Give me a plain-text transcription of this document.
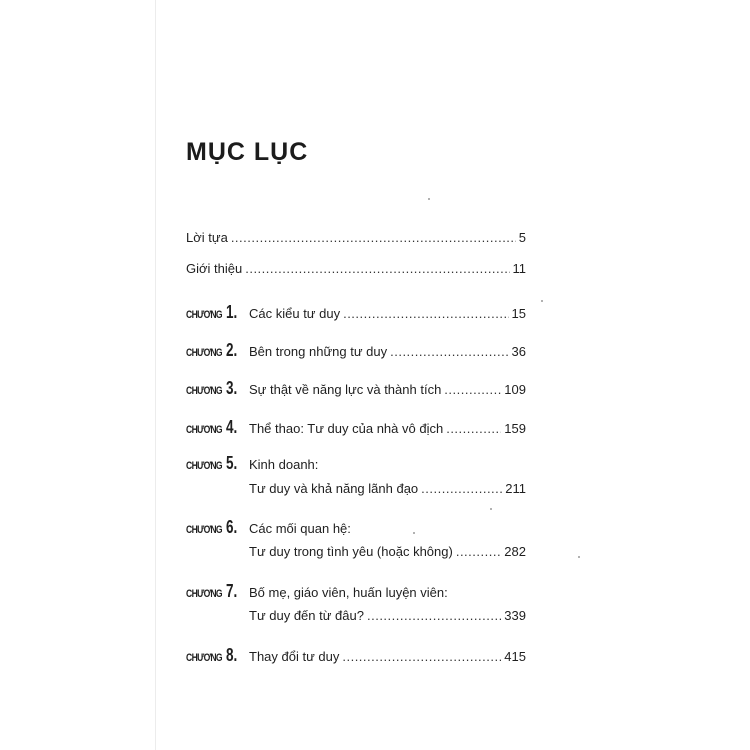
MỤC LỤC
Lời tựa .....	5
Giới thiệu .....	11
CHƯƠNG 1. Các kiểu tư duy .....	15
CHƯƠNG 2. Bên trong những tư duy .....	36
CHƯƠNG 3. Sự thật về năng lực và thành tích .....	109
CHƯƠNG 4. Thể thao: Tư duy của nhà vô địch .....	159
CHƯƠNG 5. Kinh doanh:
Tư duy và khả năng lãnh đạo .....	211
CHƯƠNG 6. Các mối quan hệ:
Tư duy trong tình yêu (hoặc không) .....	282
CHƯƠNG 7. Bố mẹ, giáo viên, huấn luyện viên:
Tư duy đến từ đâu? .....	339
CHƯƠNG 8. Thay đổi tư duy .....	415
